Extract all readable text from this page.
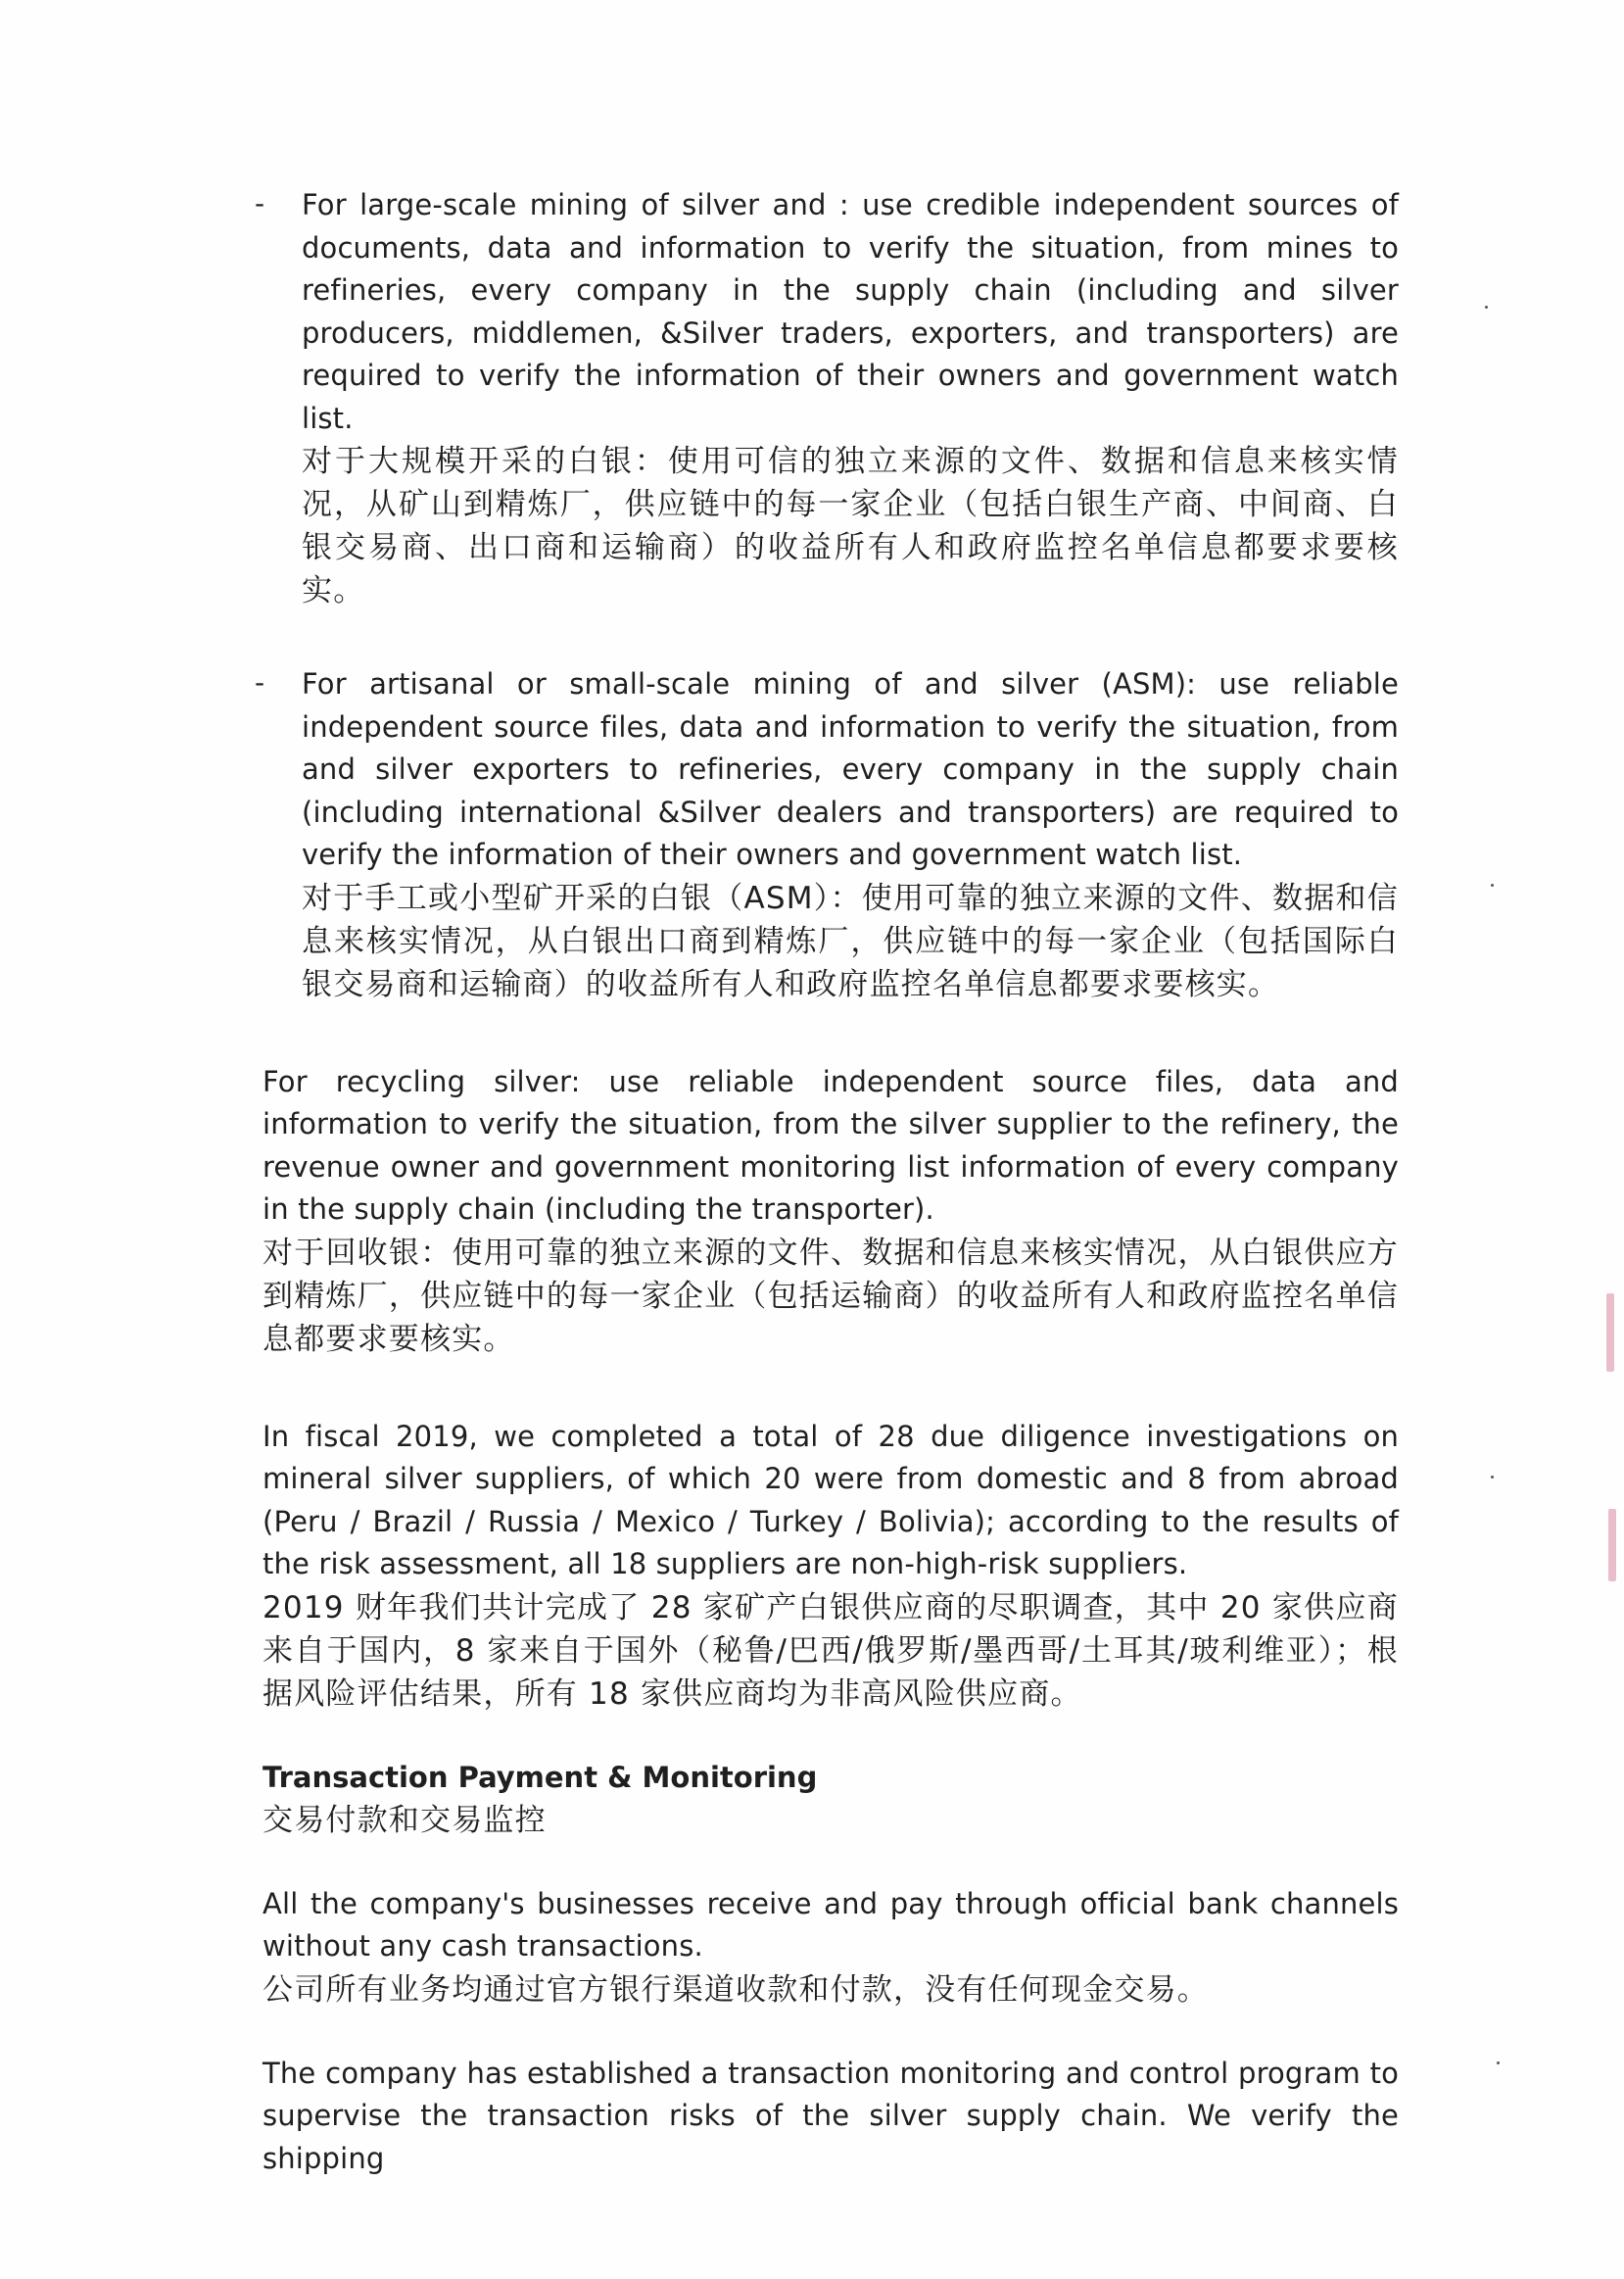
- For large-scale mining of silver and : use credible independent sources of documents, data and information to verify the situation, from mines to refineries, every company in the supply chain (including and silver producers, middlemen, &Silver traders, exporters, and transporters) are required to verify the information of their owners and government watch list.

对于大规模开采的白银：使用可信的独立来源的文件、数据和信息来核实情况，从矿山到精炼厂，供应链中的每一家企业（包括白银生产商、中间商、白银交易商、出口商和运输商）的收益所有人和政府监控名单信息都要求要核实。

- For artisanal or small-scale mining of and silver (ASM): use reliable independent source files, data and information to verify the situation, from and silver exporters to refineries, every company in the supply chain (including international &Silver dealers and transporters) are required to verify the information of their owners and government watch list.

对于手工或小型矿开采的白银（ASM）：使用可靠的独立来源的文件、数据和信息来核实情况，从白银出口商到精炼厂，供应链中的每一家企业（包括国际白银交易商和运输商）的收益所有人和政府监控名单信息都要求要核实。

For recycling silver: use reliable independent source files, data and information to verify the situation, from the silver supplier to the refinery, the revenue owner and government monitoring list information of every company in the supply chain (including the transporter).

对于回收银：使用可靠的独立来源的文件、数据和信息来核实情况，从白银供应方到精炼厂，供应链中的每一家企业（包括运输商）的收益所有人和政府监控名单信息都要求要核实。

In fiscal 2019, we completed a total of 28 due diligence investigations on mineral silver suppliers, of which 20 were from domestic and 8 from abroad (Peru / Brazil / Russia / Mexico / Turkey / Bolivia); according to the results of the risk assessment, all 18 suppliers are non-high-risk suppliers.

2019 财年我们共计完成了 28 家矿产白银供应商的尽职调查，其中 20 家供应商来自于国内，8 家来自于国外（秘鲁/巴西/俄罗斯/墨西哥/土耳其/玻利维亚）；根据风险评估结果，所有 18 家供应商均为非高风险供应商。

Transaction Payment & Monitoring

交易付款和交易监控

All the company's businesses receive and pay through official bank channels without any cash transactions.

公司所有业务均通过官方银行渠道收款和付款，没有任何现金交易。

The company has established a transaction monitoring and control program to supervise the transaction risks of the silver supply chain. We verify the shipping
